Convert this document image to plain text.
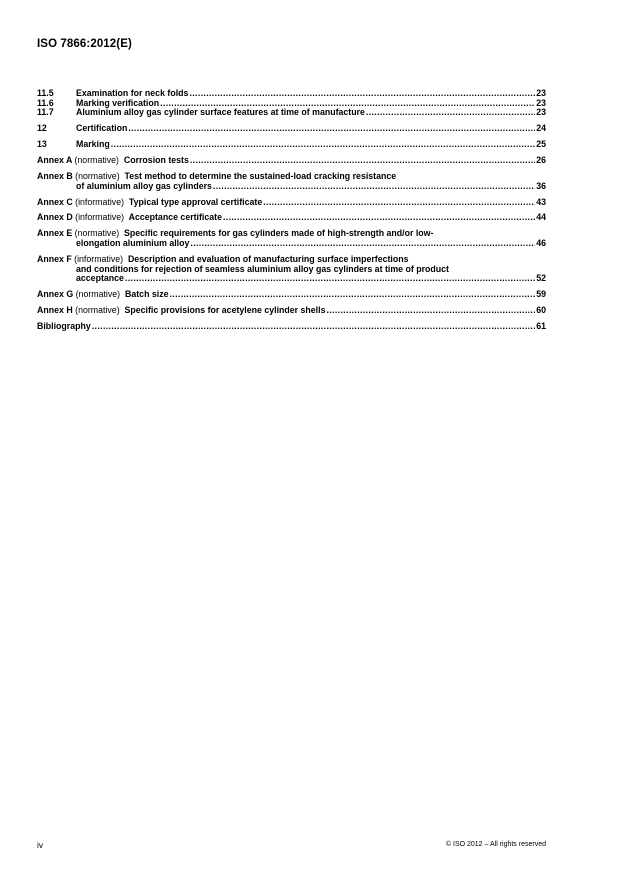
ISO 7866:2012(E)
11.5	Examination for neck folds .....	23
11.6	Marking verification .....	23
11.7	Aluminium alloy gas cylinder surface features at time of manufacture .....	23
12	Certification .....	24
13	Marking .....	25
Annex A (normative) Corrosion tests .....	26
Annex B (normative) Test method to determine the sustained-load cracking resistance
of aluminium alloy gas cylinders .....	36
Annex C (informative) Typical type approval certificate .....	43
Annex D (informative) Acceptance certificate .....	44
Annex E (normative) Specific requirements for gas cylinders made of high-strength and/or low-
elongation aluminium alloy .....	46
Annex F (informative) Description and evaluation of manufacturing surface imperfections
and conditions for rejection of seamless aluminium alloy gas cylinders at time of product
acceptance .....	52
Annex G (normative) Batch size .....	59
Annex H (normative) Specific provisions for acetylene cylinder shells .....	60
Bibliography .....	61
iv	© ISO 2012 – All rights reserved
